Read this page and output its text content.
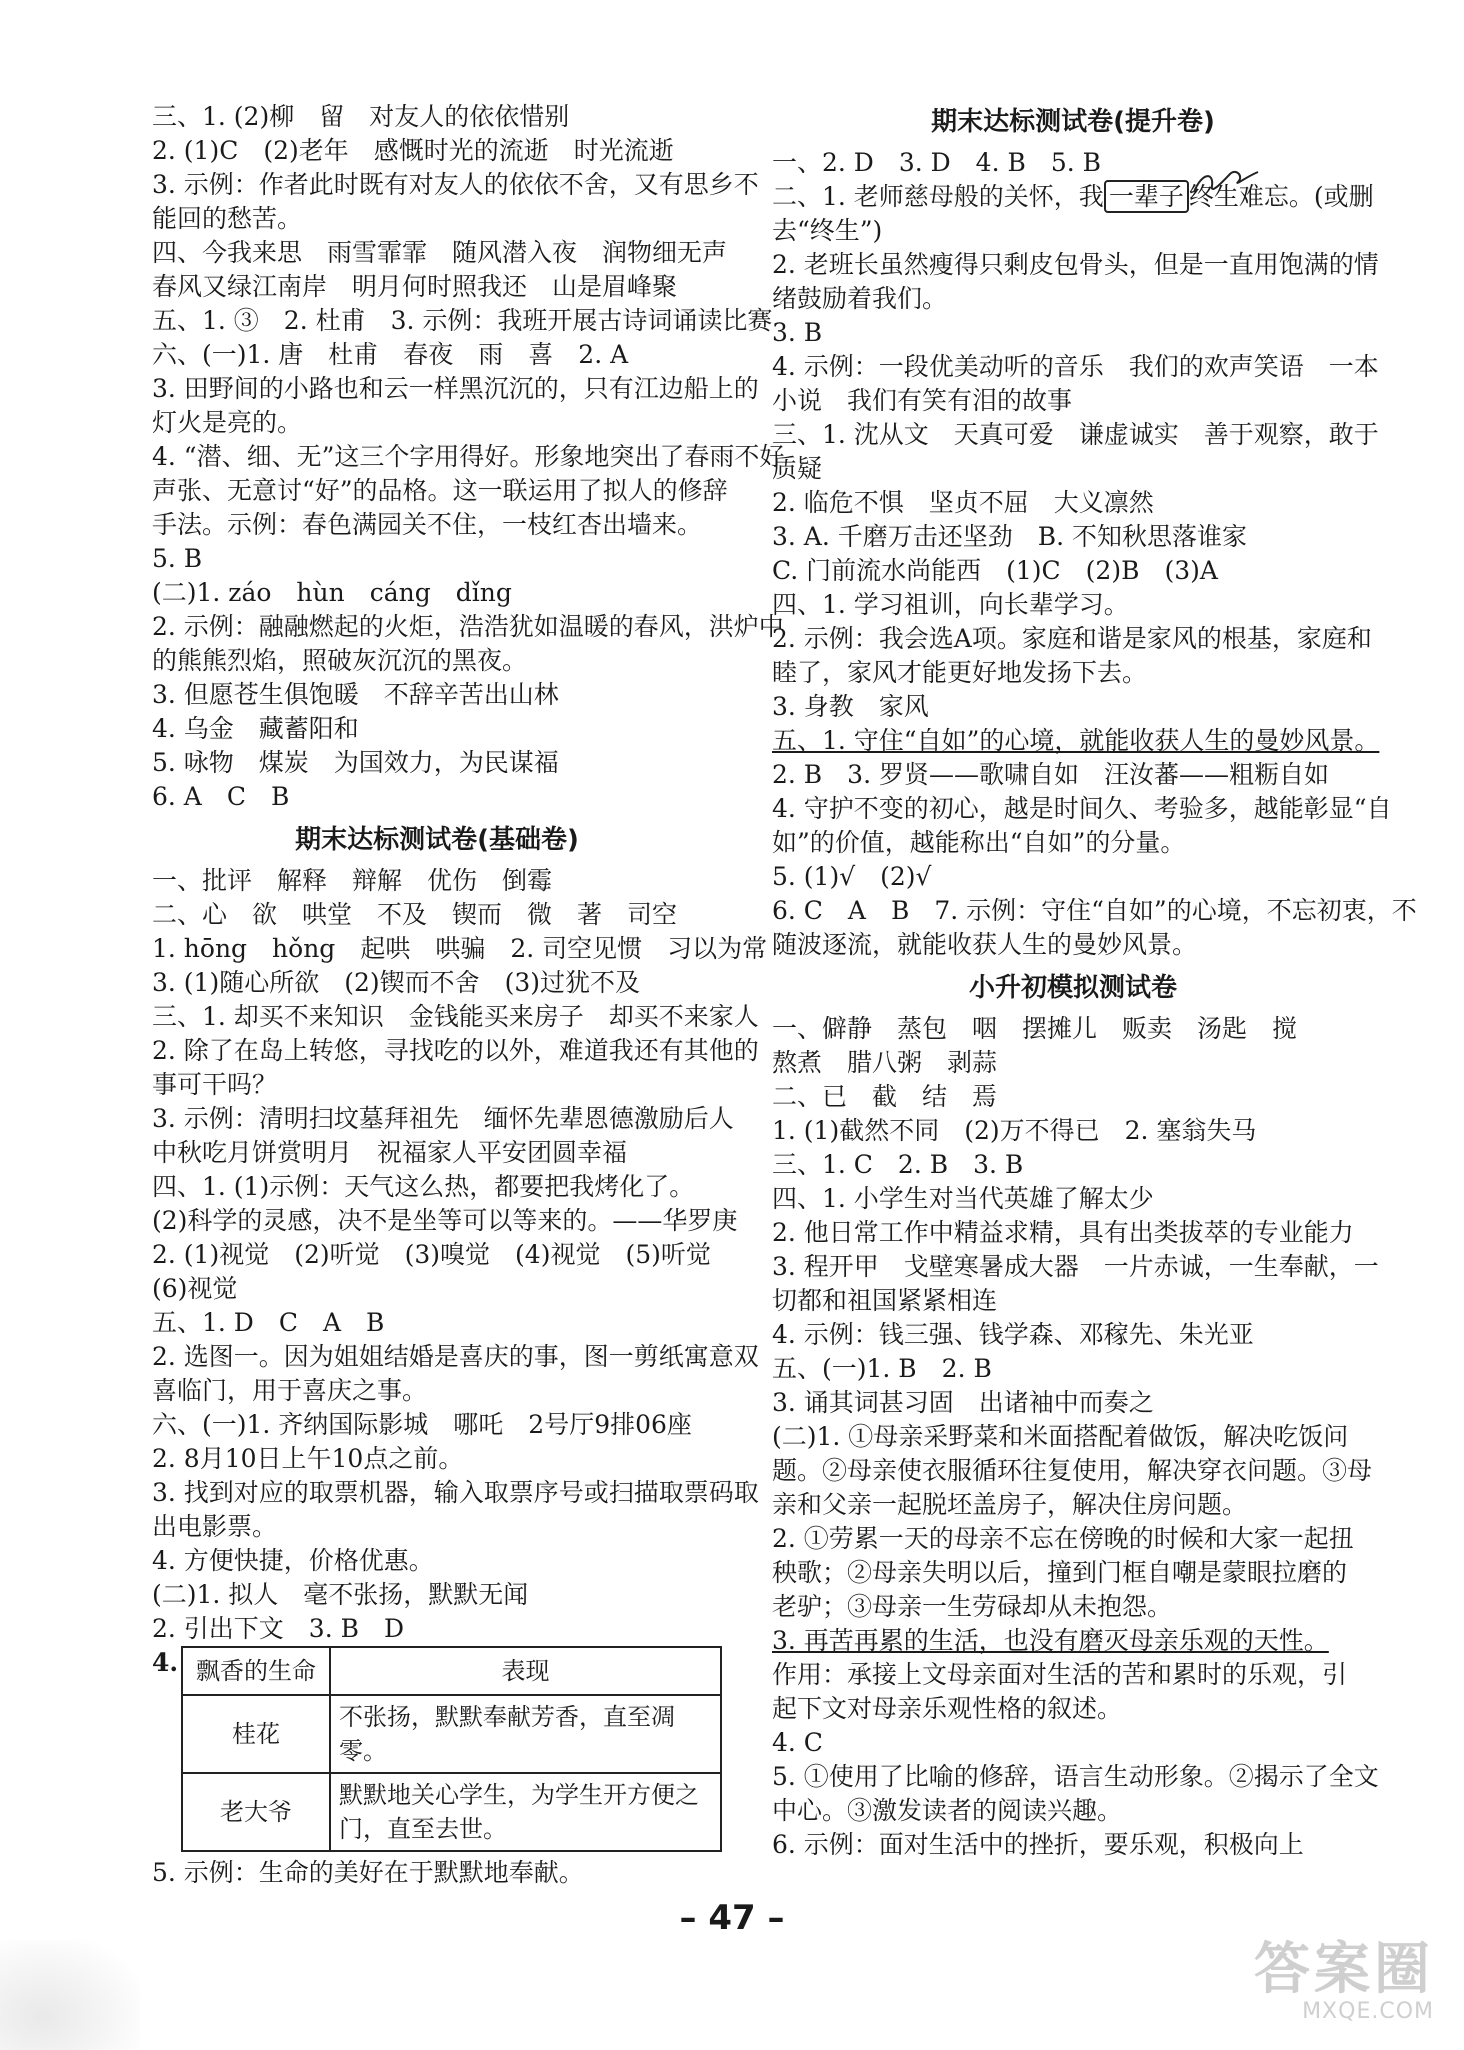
三、1. (2)柳　留　对友人的依依惜别
2. (1)C　(2)老年　感慨时光的流逝　时光流逝
3. 示例：作者此时既有对友人的依依不舍，又有思乡不
能回的愁苦。
四、今我来思　雨雪霏霏　随风潜入夜　润物细无声
春风又绿江南岸　明月何时照我还　山是眉峰聚
五、1. ③　2. 杜甫　3. 示例：我班开展古诗词诵读比赛
六、(一)1. 唐　杜甫　春夜　雨　喜　2. A
3. 田野间的小路也和云一样黑沉沉的，只有江边船上的
灯火是亮的。
4. “潜、细、无”这三个字用得好。形象地突出了春雨不好
声张、无意讨“好”的品格。这一联运用了拟人的修辞
手法。示例：春色满园关不住，一枝红杏出墙来。
5. B
(二)1. záo　hùn　cáng　dǐng
2. 示例：融融燃起的火炬，浩浩犹如温暖的春风，洪炉中
的熊熊烈焰，照破灰沉沉的黑夜。
3. 但愿苍生俱饱暖　不辞辛苦出山林
4. 乌金　藏蓄阳和
5. 咏物　煤炭　为国效力，为民谋福
6. A　C　B
期末达标测试卷(基础卷)
一、批评　解释　辩解　优伤　倒霉
二、心　欲　哄堂　不及　锲而　微　著　司空
1. hōng　hǒng　起哄　哄骗　2. 司空见惯　习以为常
3. (1)随心所欲　(2)锲而不舍　(3)过犹不及
三、1. 却买不来知识　金钱能买来房子　却买不来家人
2. 除了在岛上转悠，寻找吃的以外，难道我还有其他的
事可干吗？
3. 示例：清明扫坟墓拜祖先　缅怀先辈恩德激励后人
中秋吃月饼赏明月　祝福家人平安团圆幸福
四、1. (1)示例：天气这么热，都要把我烤化了。
(2)科学的灵感，决不是坐等可以等来的。——华罗庚
2. (1)视觉　(2)听觉　(3)嗅觉　(4)视觉　(5)听觉
(6)视觉
五、1. D　C　A　B
2. 选图一。因为姐姐结婚是喜庆的事，图一剪纸寓意双
喜临门，用于喜庆之事。
六、(一)1. 齐纳国际影城　哪吒　2号厅9排06座
2. 8月10日上午10点之前。
3. 找到对应的取票机器，输入取票序号或扫描取票码取
出电影票。
4. 方便快捷，价格优惠。
(二)1. 拟人　毫不张扬，默默无闻
2. 引出下文　3. B　D
4. 飘香的生命	表现
桂花	不张扬，默默奉献芳香，直至凋零。
老大爷	默默地关心学生，为学生开方便之门，直至去世。
5. 示例：生命的美好在于默默地奉献。
期末达标测试卷(提升卷)
一、2. D　3. D　4. B　5. B
二、1. 老师慈母般的关怀，我 一辈子 终生难忘。(或删
去“终生”)
2. 老班长虽然瘦得只剩皮包骨头，但是一直用饱满的情
绪鼓励着我们。
3. B
4. 示例：一段优美动听的音乐　我们的欢声笑语　一本
小说　我们有笑有泪的故事
三、1. 沈从文　天真可爱　谦虚诚实　善于观察，敢于
质疑
2. 临危不惧　坚贞不屈　大义凛然
3. A. 千磨万击还坚劲　B. 不知秋思落谁家
C. 门前流水尚能西　(1)C　(2)B　(3)A
四、1. 学习祖训，向长辈学习。
2. 示例：我会选A项。家庭和谐是家风的根基，家庭和
睦了，家风才能更好地发扬下去。
3. 身教　家风
五、1. 守住“自如”的心境，就能收获人生的曼妙风景。
2. B　3. 罗贤——歌啸自如　汪汝蕃——粗粝自如
4. 守护不变的初心，越是时间久、考验多，越能彰显“自
如”的价值，越能称出“自如”的分量。
5. (1)√　(2)√
6. C　A　B　7. 示例：守住“自如”的心境，不忘初衷，不
随波逐流，就能收获人生的曼妙风景。
小升初模拟测试卷
一、僻静　蒸包　咽　摆摊儿　贩卖　汤匙　搅
熬煮　腊八粥　剥蒜
二、已　截　结　焉
1. (1)截然不同　(2)万不得已　2. 塞翁失马
三、1. C　2. B　3. B
四、1. 小学生对当代英雄了解太少
2. 他日常工作中精益求精，具有出类拔萃的专业能力
3. 程开甲　戈壁寒暑成大器　一片赤诚，一生奉献，一
切都和祖国紧紧相连
4. 示例：钱三强、钱学森、邓稼先、朱光亚
五、(一)1. B　2. B
3. 诵其词甚习固　出诸袖中而奏之
(二)1. ①母亲采野菜和米面搭配着做饭，解决吃饭问
题。②母亲使衣服循环往复使用，解决穿衣问题。③母
亲和父亲一起脱坯盖房子，解决住房问题。
2. ①劳累一天的母亲不忘在傍晚的时候和大家一起扭
秧歌；②母亲失明以后，撞到门框自嘲是蒙眼拉磨的
老驴；③母亲一生劳碌却从未抱怨。
3. 再苦再累的生活，也没有磨灭母亲乐观的天性。
作用：承接上文母亲面对生活的苦和累时的乐观，引
起下文对母亲乐观性格的叙述。
4. C
5. ①使用了比喻的修辞，语言生动形象。②揭示了全文
中心。③激发读者的阅读兴趣。
6. 示例：面对生活中的挫折，要乐观，积极向上
– 47 –
答案圈
MXQE.COM
